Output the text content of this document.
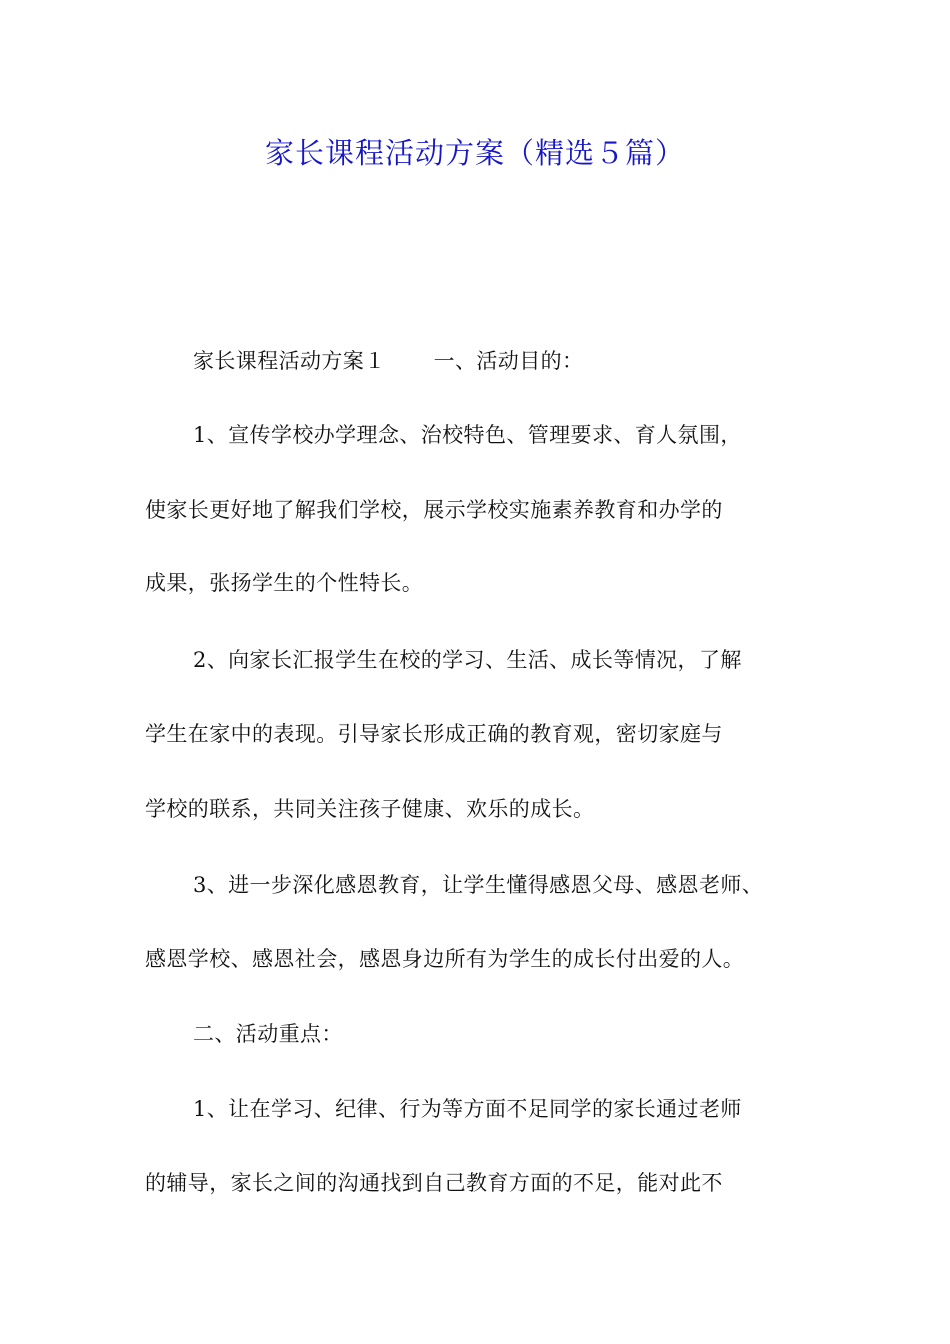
家长课程活动方案（精选５篇）
家长课程活动方案１ 一、活动目的：
1、宣传学校办学理念、治校特色、管理要求、育人氛围，
使家长更好地了解我们学校，展示学校实施素养教育和办学的
成果，张扬学生的个性特长。
2、向家长汇报学生在校的学习、生活、成长等情况，了解
学生在家中的表现。引导家长形成正确的教育观，密切家庭与
学校的联系，共同关注孩子健康、欢乐的成长。
3、进一步深化感恩教育，让学生懂得感恩父母、感恩老师、
感恩学校、感恩社会，感恩身边所有为学生的成长付出爱的人。
二、活动重点：
1、让在学习、纪律、行为等方面不足同学的家长通过老师
的辅导，家长之间的沟通找到自己教育方面的不足，能对此不
